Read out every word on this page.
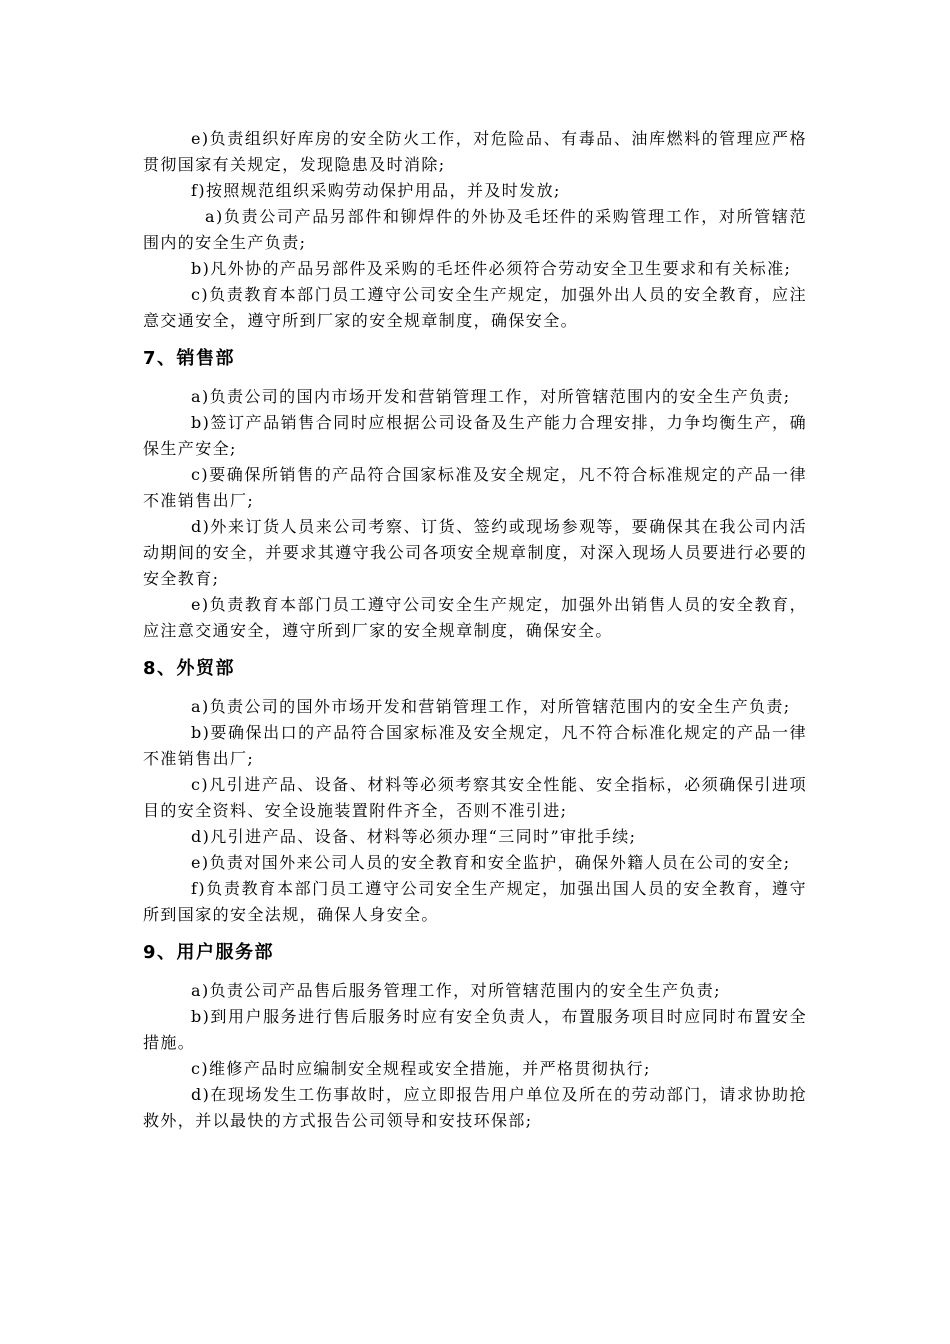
e)负责组织好库房的安全防火工作，对危险品、有毒品、油库燃料的管理应严格贯彻国家有关规定，发现隐患及时消除;

f)按照规范组织采购劳动保护用品，并及时发放;

a)负责公司产品另部件和铆焊件的外协及毛坯件的采购管理工作，对所管辖范围内的安全生产负责;

b)凡外协的产品另部件及采购的毛坯件必须符合劳动安全卫生要求和有关标准;

c)负责教育本部门员工遵守公司安全生产规定，加强外出人员的安全教育，应注意交通安全，遵守所到厂家的安全规章制度，确保安全。

7、销售部

a)负责公司的国内市场开发和营销管理工作，对所管辖范围内的安全生产负责;

b)签订产品销售合同时应根据公司设备及生产能力合理安排，力争均衡生产，确保生产安全;

c)要确保所销售的产品符合国家标准及安全规定，凡不符合标准规定的产品一律不准销售出厂;

d)外来订货人员来公司考察、订货、签约或现场参观等，要确保其在我公司内活动期间的安全，并要求其遵守我公司各项安全规章制度，对深入现场人员要进行必要的安全教育;

e)负责教育本部门员工遵守公司安全生产规定，加强外出销售人员的安全教育，应注意交通安全，遵守所到厂家的安全规章制度，确保安全。

8、外贸部

a)负责公司的国外市场开发和营销管理工作，对所管辖范围内的安全生产负责;

b)要确保出口的产品符合国家标准及安全规定，凡不符合标准化规定的产品一律不准销售出厂;

c)凡引进产品、设备、材料等必须考察其安全性能、安全指标，必须确保引进项目的安全资料、安全设施装置附件齐全，否则不准引进;

d)凡引进产品、设备、材料等必须办理“三同时”审批手续;

e)负责对国外来公司人员的安全教育和安全监护，确保外籍人员在公司的安全;

f)负责教育本部门员工遵守公司安全生产规定，加强出国人员的安全教育，遵守所到国家的安全法规，确保人身安全。

9、用户服务部

a)负责公司产品售后服务管理工作，对所管辖范围内的安全生产负责;

b)到用户服务进行售后服务时应有安全负责人，布置服务项目时应同时布置安全措施。

c)维修产品时应编制安全规程或安全措施，并严格贯彻执行;

d)在现场发生工伤事故时，应立即报告用户单位及所在的劳动部门，请求协助抢救外，并以最快的方式报告公司领导和安技环保部;
